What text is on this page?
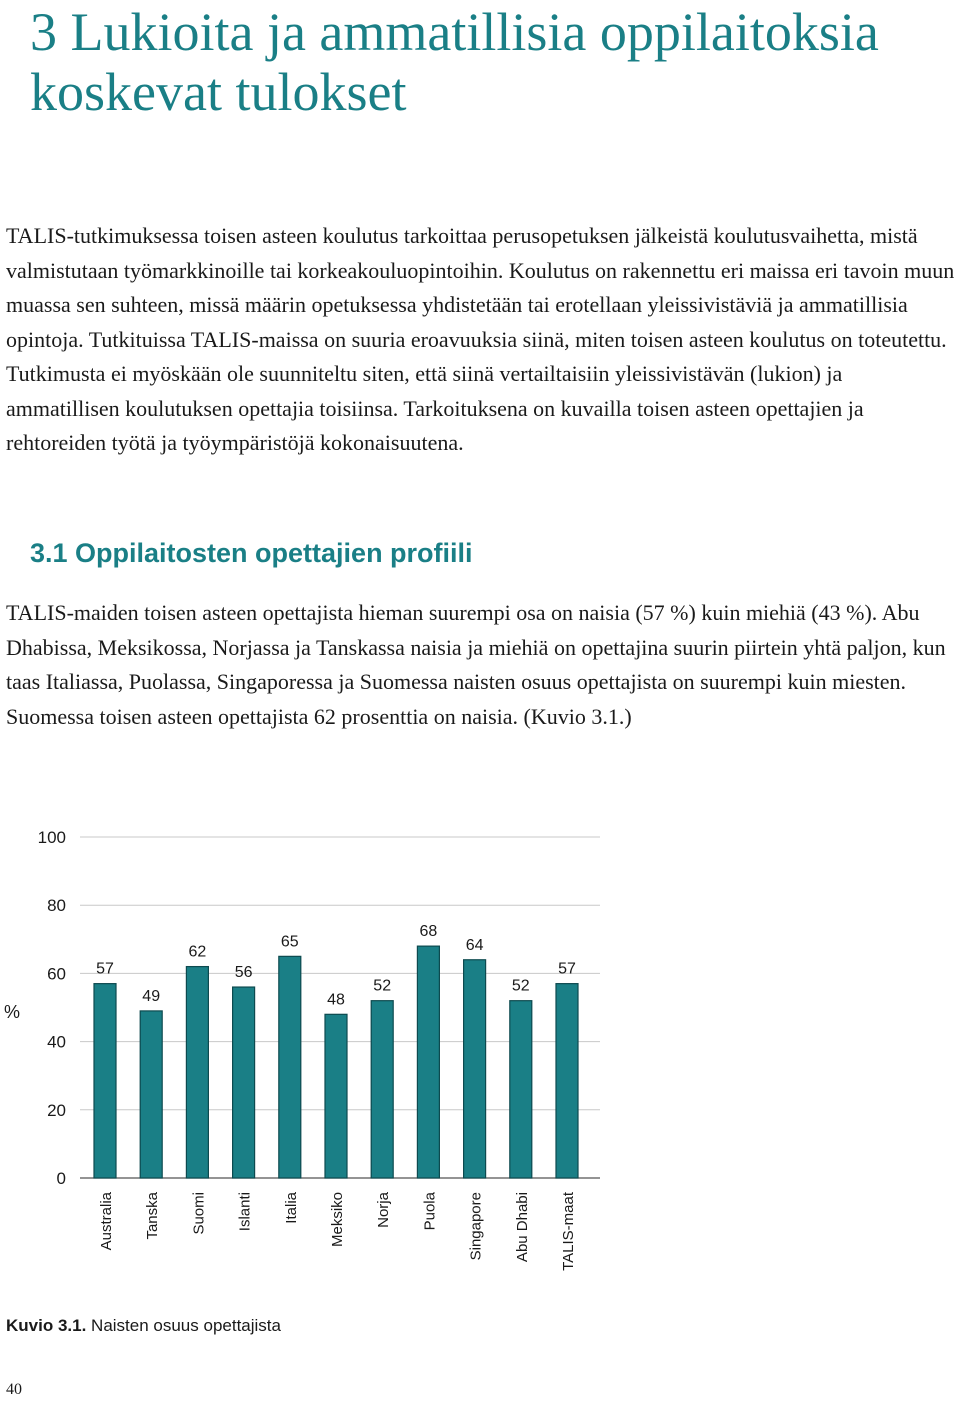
3 Lukioita ja ammatillisia oppilaitoksia koskevat tulokset

TALIS-tutkimuksessa toisen asteen koulutus tarkoittaa perusopetuksen jälkeistä koulutusvaihetta, mistä valmistutaan työmarkkinoille tai korkeakouluopintoihin. Koulutus on rakennettu eri maissa eri tavoin muun muassa sen suhteen, missä määrin opetuksessa yhdistetään tai erotellaan yleissivistäviä ja ammatillisia opintoja. Tutkituissa TALIS-maissa on suuria eroavuuksia siinä, miten toisen asteen koulutus on toteutettu. Tutkimusta ei myöskään ole suunniteltu siten, että siinä vertailtaisiin yleissivistävän (lukion) ja ammatillisen koulutuksen opettajia toisiinsa. Tarkoituksena on kuvailla toisen asteen opettajien ja rehtoreiden työtä ja työympäristöjä kokonaisuutena.

3.1 Oppilaitosten opettajien profiili

TALIS-maiden toisen asteen opettajista hieman suurempi osa on naisia (57 %) kuin miehiä (43 %). Abu Dhabissa, Meksikossa, Norjassa ja Tanskassa naisia ja miehiä on opettajina suurin piirtein yhtä paljon, kun taas Italiassa, Puolassa, Singaporessa ja Suomessa naisten osuus opettajista on suurempi kuin miesten. Suomessa toisen asteen opettajista 62 prosenttia on naisia. (Kuvio 3.1.)

0
20
40
60
80
100
57
49
62
56
65
48
52
68
64
52
57
Australia Tanska Suomi Islanti Italia Meksiko Norja Puola Singapore Abu Dhabi TALIS-maat
%
Kuvio 3.1. Naisten osuus opettajista
40
